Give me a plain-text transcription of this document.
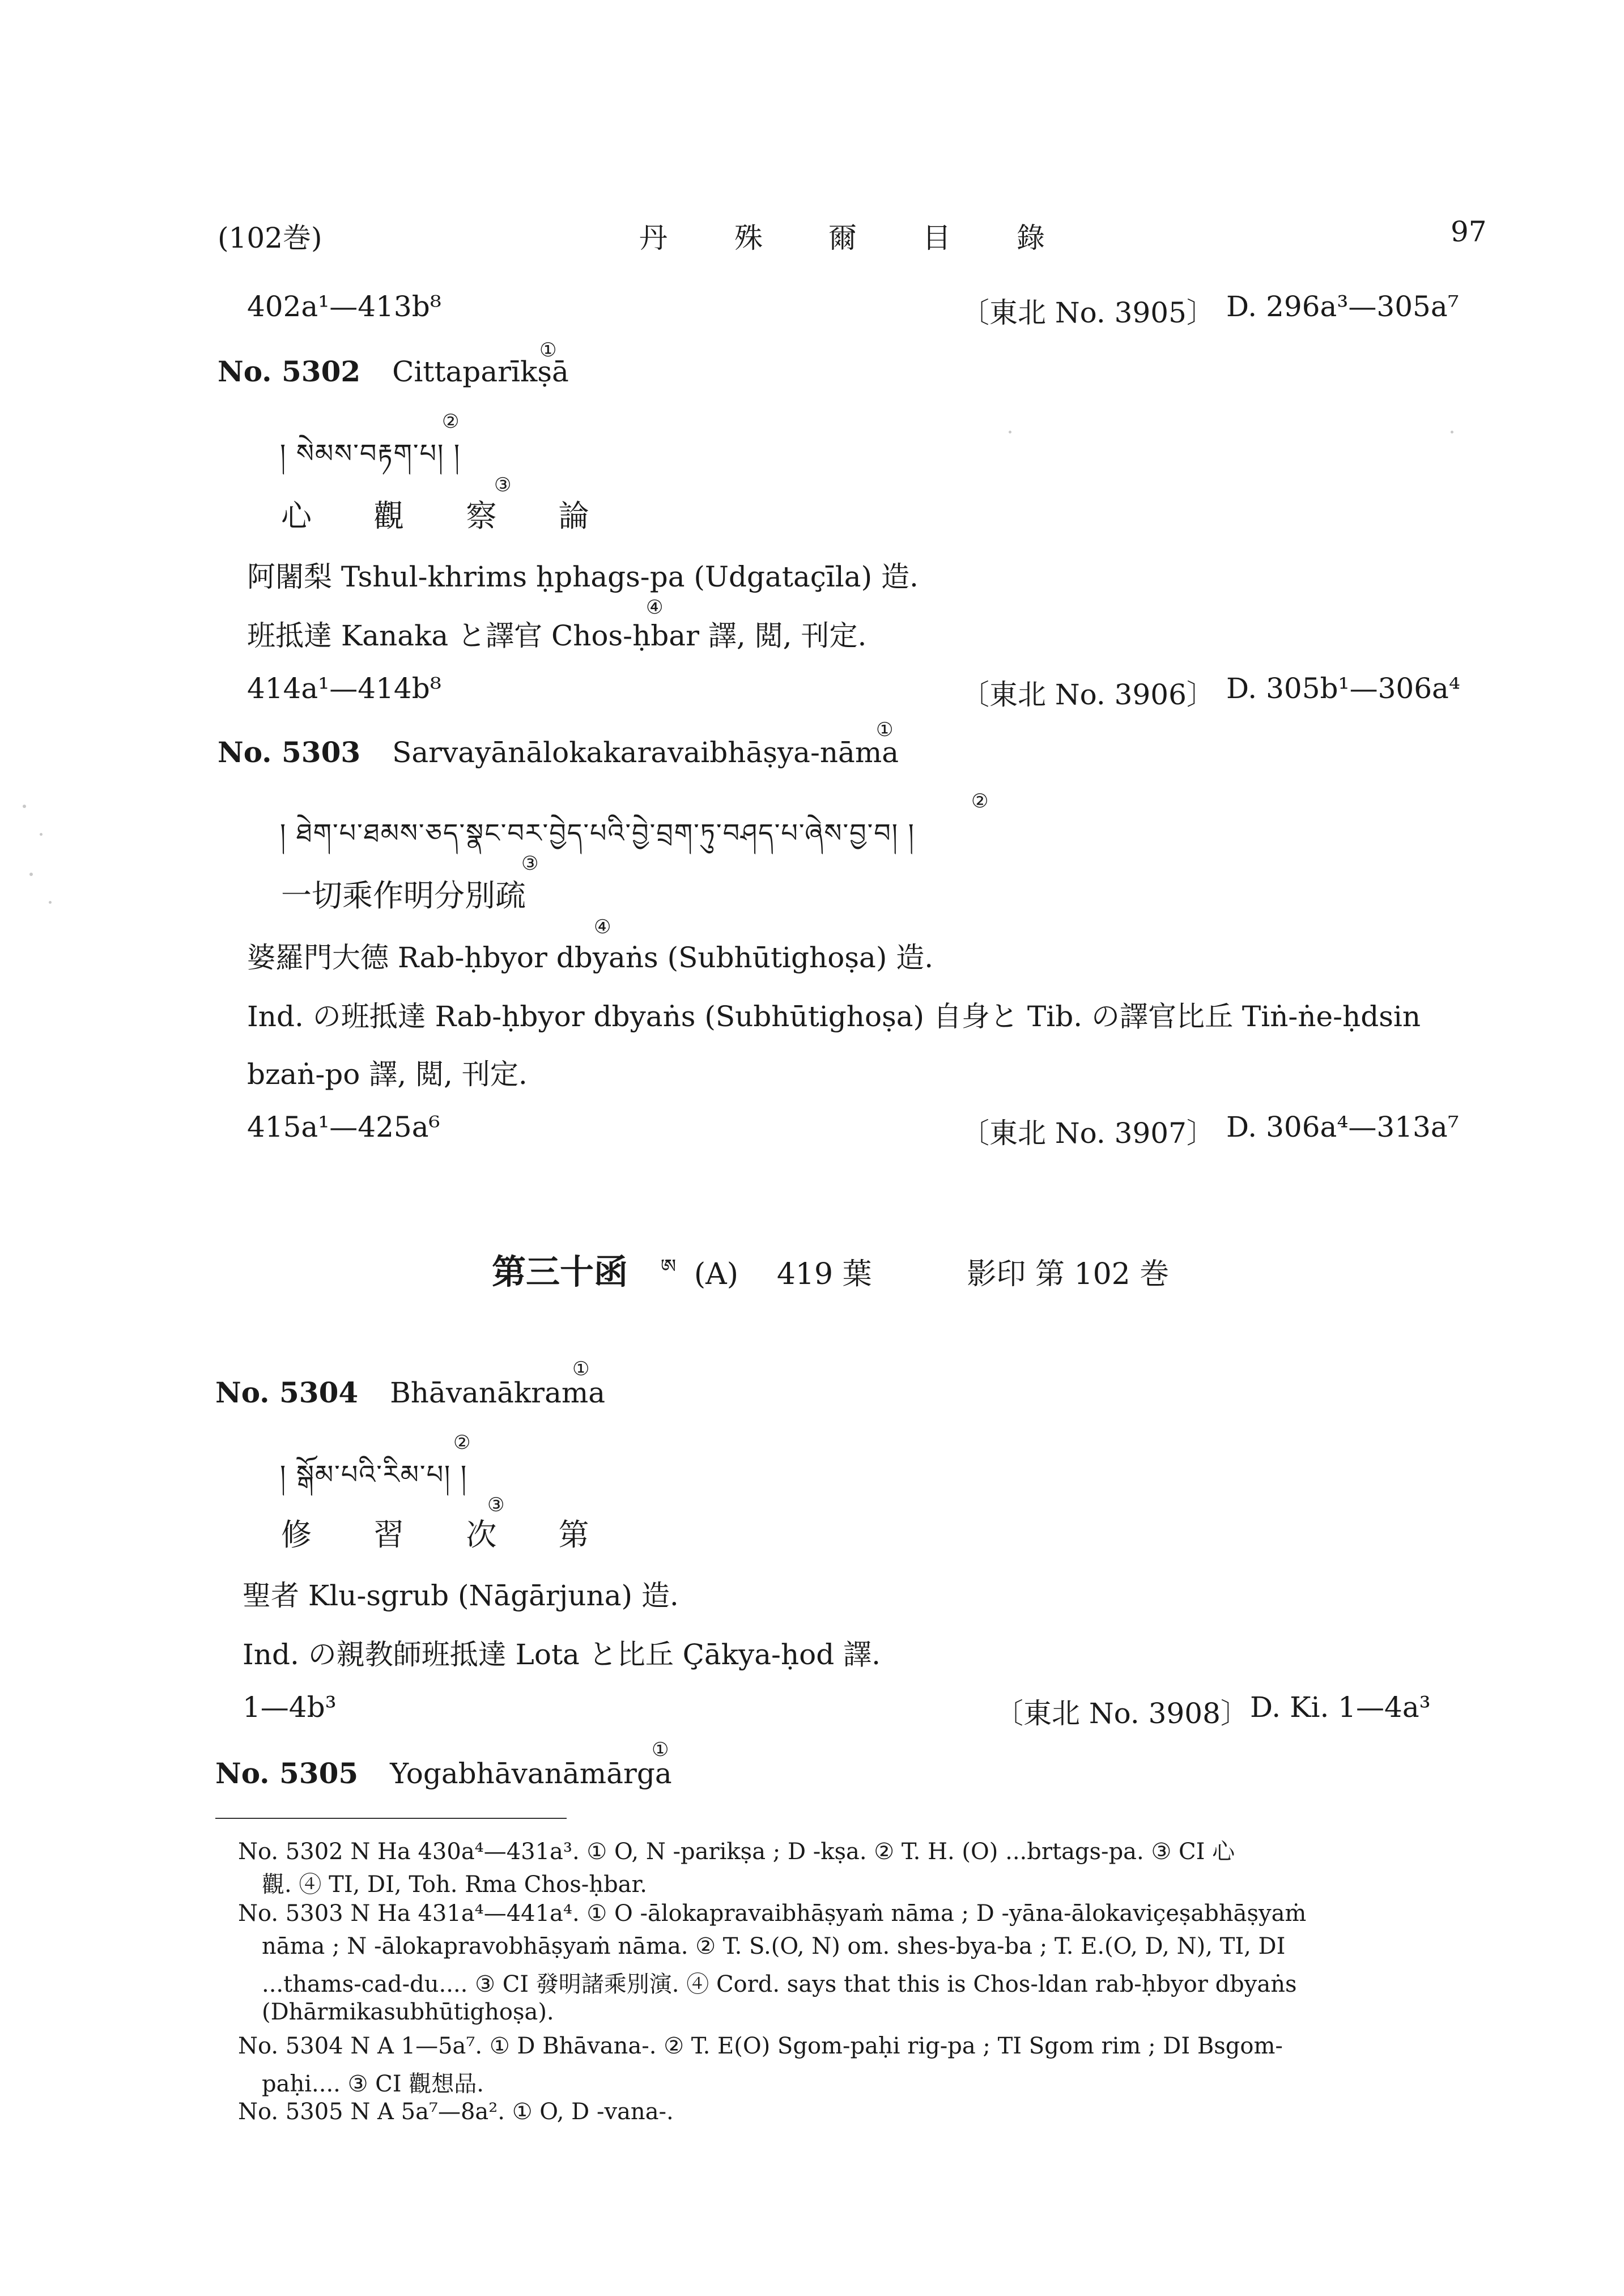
(102巻)	丹 殊 爾 目 錄	97
402a¹—413b⁸	〔東北 No. 3905〕 D. 296a³—305a⁷
No. 5302 Cittaparīkṣā
①
། སེམས་བརྟག་པ། །
②
心 觀 察 論
③
阿闍梨 Tshul-khrims ḥphags-pa (Udgataçīla) 造.
班抵達 Kanaka と譯官 Chos-ḥbar 譯, 閲, 刊定.
④
414a¹—414b⁸	〔東北 No. 3906〕 D. 305b¹—306a⁴
No. 5303 Sarvayānālokakaravaibhāṣya-nāma
①
། ཐེག་པ་ཐམས་ཅད་སྣང་བར་བྱེད་པའི་བྱེ་བྲག་ཏུ་བཤད་པ་ཞེས་བྱ་བ། །
②
一切乘作明分別疏
③
婆羅門大德 Rab-ḥbyor dbyaṅs (Subhūtighoṣa) 造.
④
Ind. の班抵達 Rab-ḥbyor dbyaṅs (Subhūtighoṣa) 自身と Tib. の譯官比丘 Tiṅ-ṅe-ḥdsin
bzaṅ-po 譯, 閲, 刊定.
415a¹—425a⁶	〔東北 No. 3907〕 D. 306a⁴—313a⁷
第三十函 $^ཨ$ (A) 419 葉	影印 第 102 巻
No. 5304 Bhāvanākrama
①
། སྒོམ་པའི་རིམ་པ། །
②
修 習 次 第
③
聖者 Klu-sgrub (Nāgārjuna) 造.
Ind. の親教師班抵達 Lota と比丘 Çākya-ḥod 譯.
1—4b³	〔東北 No. 3908〕 D. Ki. 1—4a³
No. 5305 Yogabhāvanāmārga
①
No. 5302 N Ha 430a⁴—431a³. ① O, N -parikṣa ; D -kṣa. ② T. H. (O) ...brtags-pa. ③ CI 心
觀. ④ TI, DI, Toh. Rma Chos-ḥbar.
No. 5303 N Ha 431a⁴—441a⁴. ① O -ālokapravaibhāṣyaṁ nāma ; D -yāna-ālokaviçeṣabhāṣyaṁ
nāma ; N -ālokapravobhāṣyaṁ nāma. ② T. S.(O, N) om. shes-bya-ba ; T. E.(O, D, N), TI, DI
...thams-cad-du.... ③ CI 發明諸乘別演. ④ Cord. says that this is Chos-ldan rab-ḥbyor dbyaṅs
(Dhārmikasubhūtighoṣa).
No. 5304 N A 1—5a⁷. ① D Bhāvana-. ② T. E(O) Sgom-paḥi rig-pa ; TI Sgom rim ; DI Bsgom-
paḥi.... ③ CI 觀想品.
No. 5305 N A 5a⁷—8a². ① O, D -vana-.
